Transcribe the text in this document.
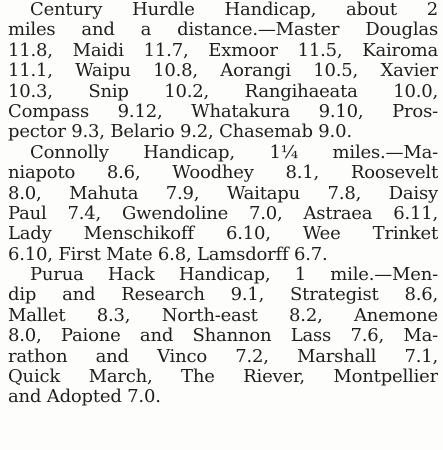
Century Hurdle Handicap, about 2
miles and a distance.—Master Douglas
11.8, Maidi 11.7, Exmoor 11.5, Kairoma
11.1, Waipu 10.8, Aorangi 10.5, Xavier
10.3, Snip 10.2, Rangihaeata 10.0,
Compass 9.12, Whatakura 9.10, Pros-
pector 9.3, Belario 9.2, Chasemab 9.0.
Connolly Handicap, 1¼ miles.—Ma-
niapoto 8.6, Woodhey 8.1, Roosevelt
8.0, Mahuta 7.9, Waitapu 7.8, Daisy
Paul 7.4, Gwendoline 7.0, Astraea 6.11,
Lady Menschikoff 6.10, Wee Trinket
6.10, First Mate 6.8, Lamsdorff 6.7.
Purua Hack Handicap, 1 mile.—Men-
dip and Research 9.1, Strategist 8.6,
Mallet 8.3, North-east 8.2, Anemone
8.0, Paione and Shannon Lass 7.6, Ma-
rathon and Vinco 7.2, Marshall 7.1,
Quick March, The Riever, Montpellier
and Adopted 7.0.
